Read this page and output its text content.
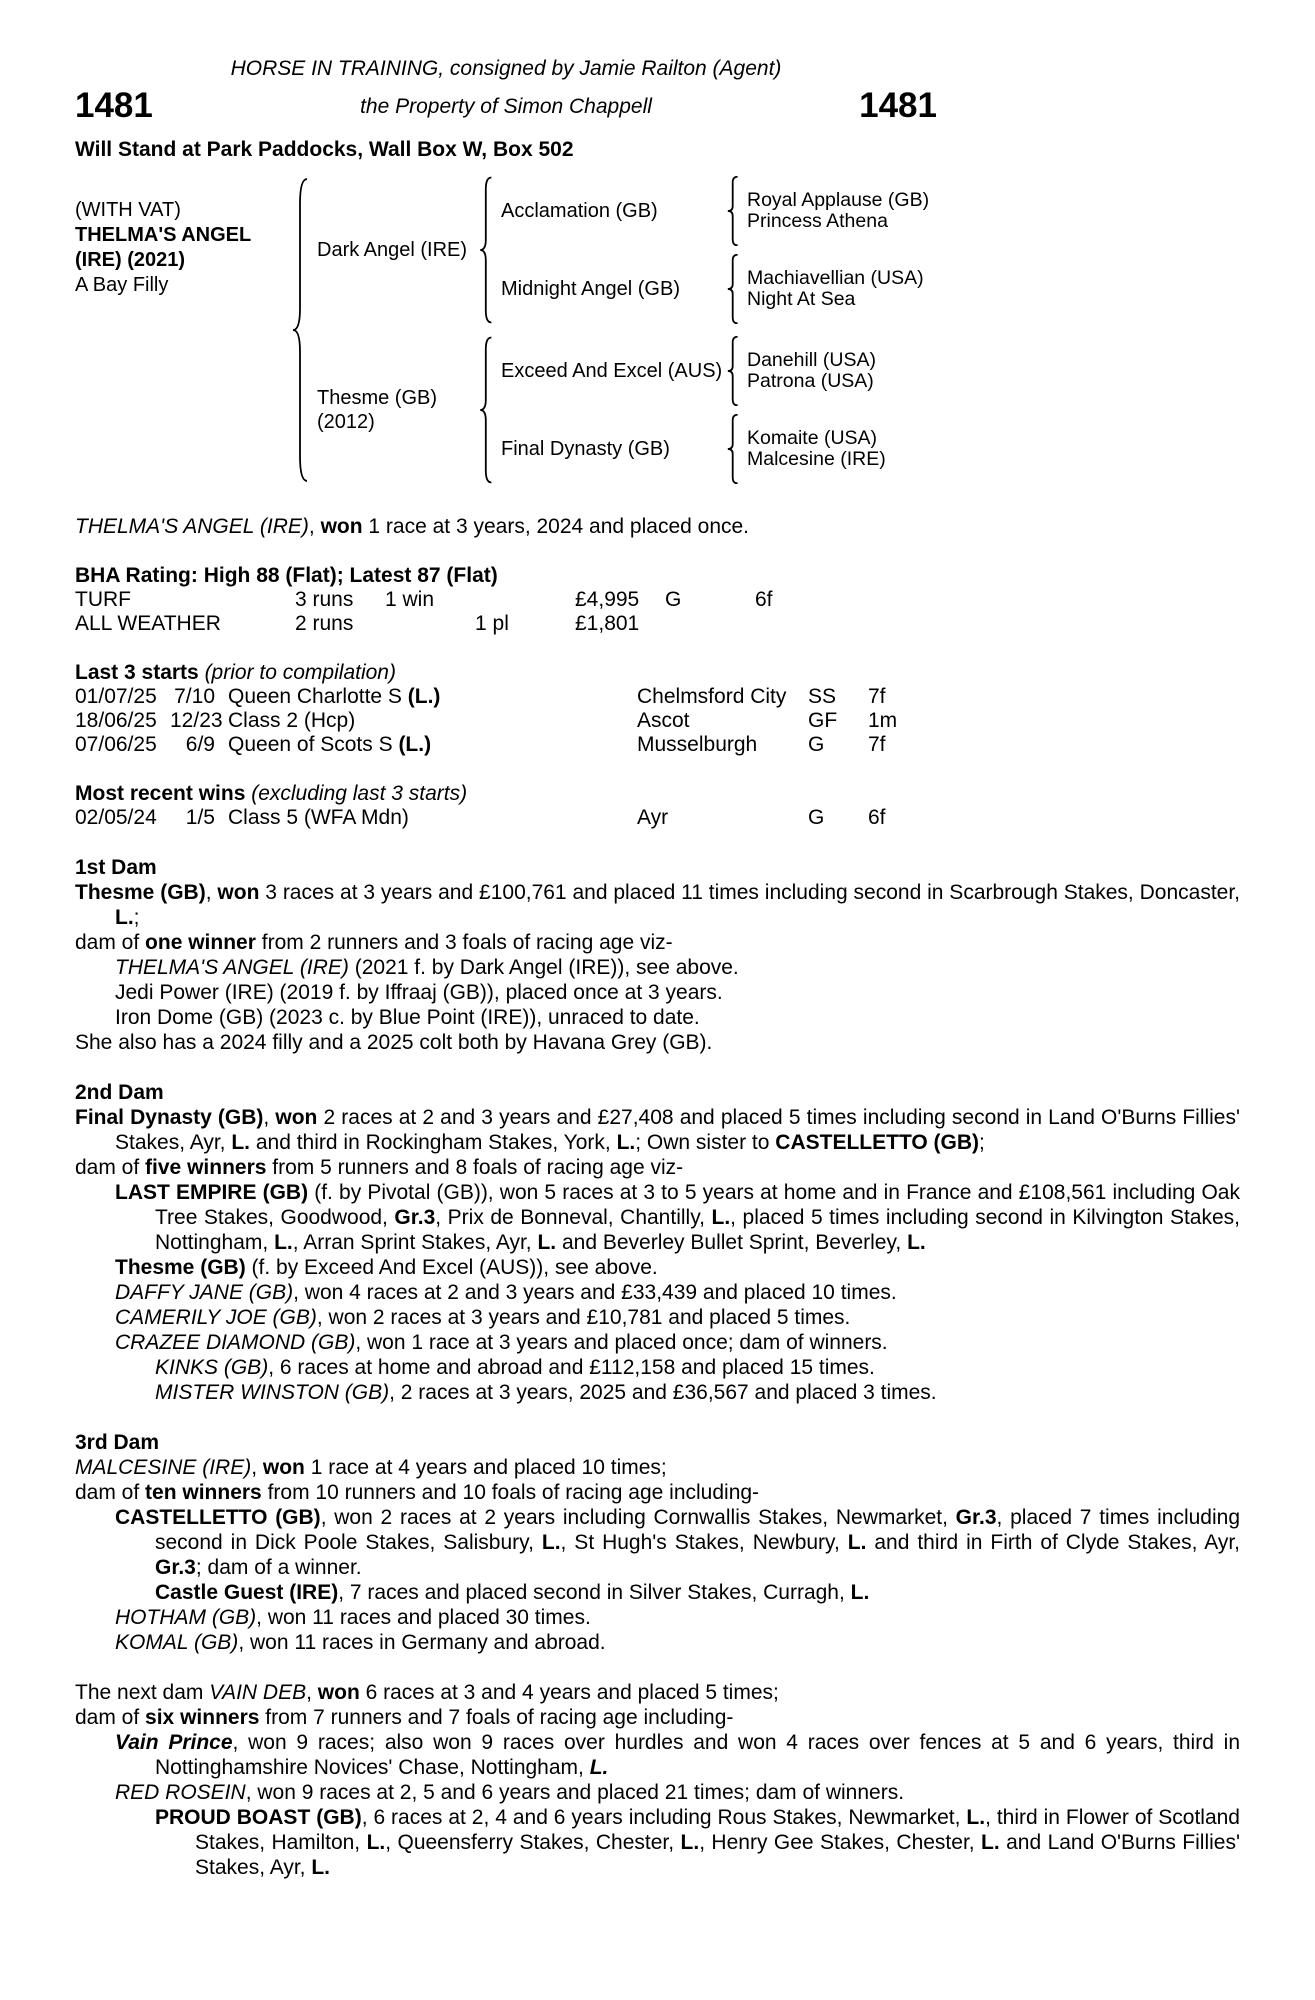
HORSE IN TRAINING, consigned by Jamie Railton (Agent)
1481	the Property of Simon Chappell	1481
Will Stand at Park Paddocks, Wall Box W, Box 502
(WITH VAT)
THELMA'S ANGEL
(IRE) (2021)
A Bay Filly
Dark Angel (IRE)
Acclamation (GB)	Royal Applause (GB)
Princess Athena
Midnight Angel (GB)	Machiavellian (USA)
Night At Sea
Thesme (GB)
(2012)
Exceed And Excel (AUS) Danehill (USA)
Patrona (USA)
Final Dynasty (GB)	Komaite (USA)
Malcesine (IRE)

THELMA'S ANGEL (IRE), won 1 race at 3 years, 2024 and placed once.

BHA Rating: High 88 (Flat); Latest 87 (Flat)
TURF	3 runs	1 win	£4,995	G	6f
ALL WEATHER	2 runs	1 pl	£1,801
Last 3 starts (prior to compilation)
01/07/25 7/10 Queen Charlotte S (L.)	Chelmsford City	SS	7f
18/06/25 12/23 Class 2 (Hcp)	Ascot	GF	1m
07/06/25	6/9 Queen of Scots S (L.)	Musselburgh	G	7f
Most recent wins (excluding last 3 starts)
02/05/24	1/5 Class 5 (WFA Mdn)	Ayr	G	6f
1st Dam

Thesme (GB), won 3 races at 3 years and £100,761 and placed 11 times including second in Scarbrough Stakes, Doncaster, L.;

dam of one winner from 2 runners and 3 foals of racing age viz-

THELMA'S ANGEL (IRE) (2021 f. by Dark Angel (IRE)), see above.

Jedi Power (IRE) (2019 f. by Iffraaj (GB)), placed once at 3 years.

Iron Dome (GB) (2023 c. by Blue Point (IRE)), unraced to date.

She also has a 2024 filly and a 2025 colt both by Havana Grey (GB).

2nd Dam

Final Dynasty (GB), won 2 races at 2 and 3 years and £27,408 and placed 5 times including second in Land O'Burns Fillies' Stakes, Ayr, L. and third in Rockingham Stakes, York, L.; Own sister to CASTELLETTO (GB);

dam of five winners from 5 runners and 8 foals of racing age viz-

LAST EMPIRE (GB) (f. by Pivotal (GB)), won 5 races at 3 to 5 years at home and in France and £108,561 including Oak Tree Stakes, Goodwood, Gr.3, Prix de Bonneval, Chantilly, L., placed 5 times including second in Kilvington Stakes, Nottingham, L., Arran Sprint Stakes, Ayr, L. and Beverley Bullet Sprint, Beverley, L.

Thesme (GB) (f. by Exceed And Excel (AUS)), see above.

DAFFY JANE (GB), won 4 races at 2 and 3 years and £33,439 and placed 10 times.

CAMERILY JOE (GB), won 2 races at 3 years and £10,781 and placed 5 times.

CRAZEE DIAMOND (GB), won 1 race at 3 years and placed once; dam of winners.

KINKS (GB), 6 races at home and abroad and £112,158 and placed 15 times.

MISTER WINSTON (GB), 2 races at 3 years, 2025 and £36,567 and placed 3 times.

3rd Dam

MALCESINE (IRE), won 1 race at 4 years and placed 10 times;

dam of ten winners from 10 runners and 10 foals of racing age including-

CASTELLETTO (GB), won 2 races at 2 years including Cornwallis Stakes, Newmarket, Gr.3, placed 7 times including second in Dick Poole Stakes, Salisbury, L., St Hugh's Stakes, Newbury, L. and third in Firth of Clyde Stakes, Ayr, Gr.3; dam of a winner.

Castle Guest (IRE), 7 races and placed second in Silver Stakes, Curragh, L.

HOTHAM (GB), won 11 races and placed 30 times.

KOMAL (GB), won 11 races in Germany and abroad.

The next dam VAIN DEB, won 6 races at 3 and 4 years and placed 5 times;

dam of six winners from 7 runners and 7 foals of racing age including-

Vain Prince, won 9 races; also won 9 races over hurdles and won 4 races over fences at 5 and 6 years, third in Nottinghamshire Novices' Chase, Nottingham, L.

RED ROSEIN, won 9 races at 2, 5 and 6 years and placed 21 times; dam of winners.

PROUD BOAST (GB), 6 races at 2, 4 and 6 years including Rous Stakes, Newmarket, L., third in Flower of Scotland Stakes, Hamilton, L., Queensferry Stakes, Chester, L., Henry Gee Stakes, Chester, L. and Land O'Burns Fillies' Stakes, Ayr, L.
